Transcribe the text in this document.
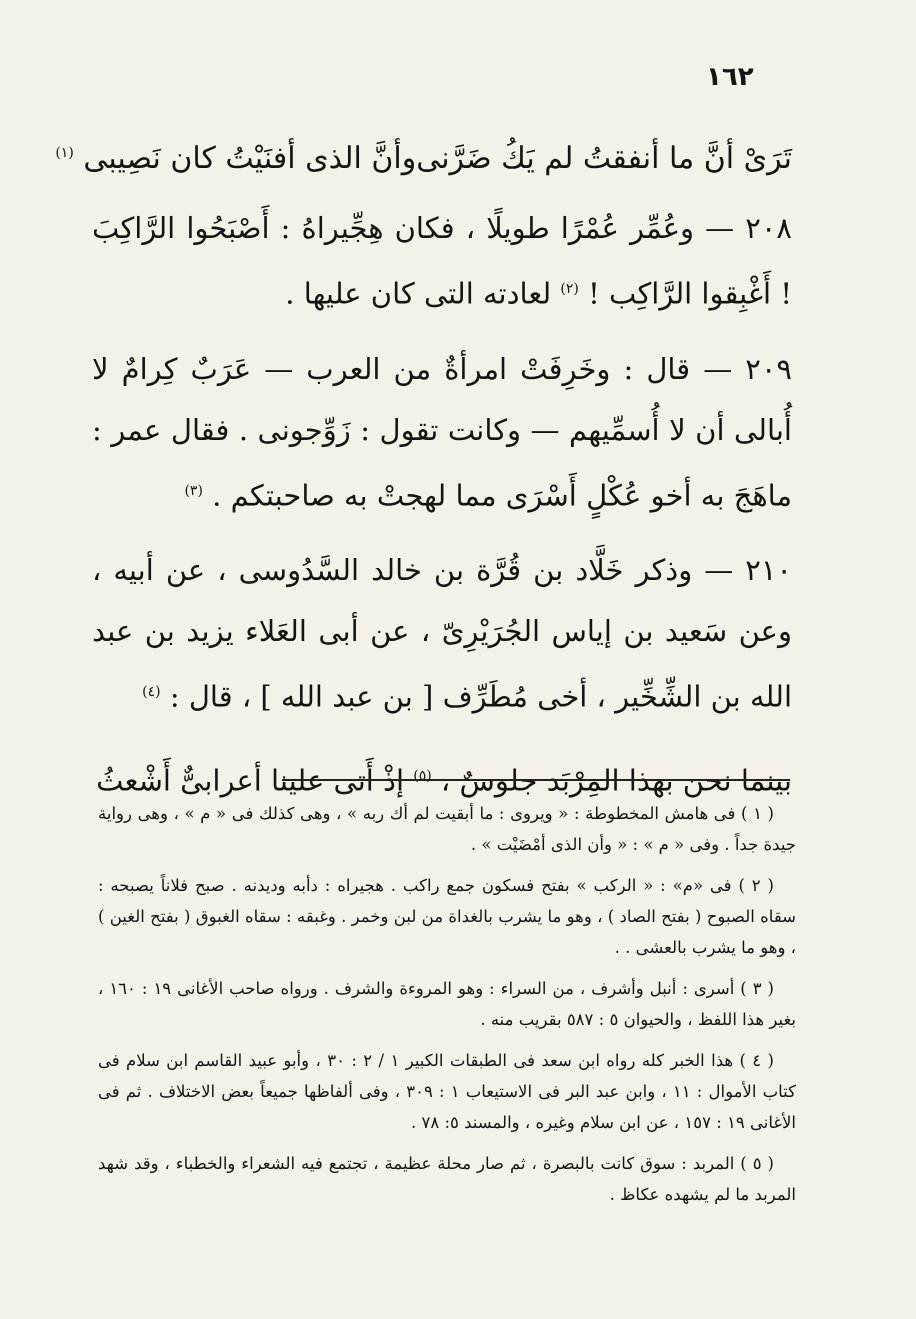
١٦٢
تَرَىْ أنَّ ما أنفقتُ لم يَكُ ضَرَّنى
وأنَّ الذى أفنَيْتُ كان نَصِيبى $^{(١)}$

٢٠٨ — وعُمِّر عُمْرًا طويلًا ، فكان هِجِّيراهُ : أَصْبَحُوا الرَّاكِبَ ! أَغْبِقوا الرَّاكِب ! $^{(٢)}$ لعادته التى كان عليها .

٢٠٩ — قال : وخَرِفَتْ امرأةٌ من العرب — عَرَبٌ كِرامٌ لا أُبالى أن لا أُسمِّيهم — وكانت تقول : زَوِّجونى . فقال عمر : ماهَجَ به أخو عُكْلٍ أَسْرَى مما لهجتْ به صاحبتكم . $^{(٣)}$

٢١٠ — وذكر خَلَّاد بن قُرَّة بن خالد السَّدُوسى ، عن أبيه ، وعن سَعيد بن إياس الجُرَيْرِىّ ، عن أبى العَلاء يزيد بن عبد الله بن الشِّخِّير ، أخى مُطَرِّف [ بن عبد الله ] ، قال : $^{(٤)}$

بينما نحن بهذا المِرْبَد جلوسٌ ، $^{(٥)}$ إذْ أَتى علينا أعرابىٌّ أَشْعثُ

( ١ ) فى هامش المخطوطة : « ويروى : ما أبقيت لم أك ربه » ، وهى كذلك فى « م » ، وهى رواية جيدة جداً . وفى « م » : « وأن الذى أمْضَيْت » .

( ٢ ) فى «م» : « الركب » بفتح فسكون جمع راكب . هجيراه : دأبه وديدنه . صبح فلاناً يصبحه : سقاه الصبوح ( بفتح الصاد ) ، وهو ما يشرب بالغداة من لبن وخمر . وغبقه : سقاه الغبوق ( بفتح الغين ) ، وهو ما يشرب بالعشى . .

( ٣ ) أسرى : أنبل وأشرف ، من السراء : وهو المروءة والشرف . ورواه صاحب الأغانى ١٩ : ١٦٠ ، بغير هذا اللفظ ، والحيوان ٥ : ٥٨٧ بقريب منه .

( ٤ ) هذا الخبر كله رواه ابن سعد فى الطبقات الكبير ١ / ٢ : ٣٠ ، وأبو عبيد القاسم ابن سلام فى كتاب الأموال : ١١ ، وابن عبد البر فى الاستيعاب ١ : ٣٠٩ ، وفى ألفاظها جميعاً بعض الاختلاف . ثم فى الأغانى ١٩ : ١٥٧ ، عن ابن سلام وغيره ، والمسند ٥: ٧٨ .

( ٥ ) المربد : سوق كانت بالبصرة ، ثم صار محلة عظيمة ، تجتمع فيه الشعراء والخطباء ، وقد شهد المربد ما لم يشهده عكاظ .
